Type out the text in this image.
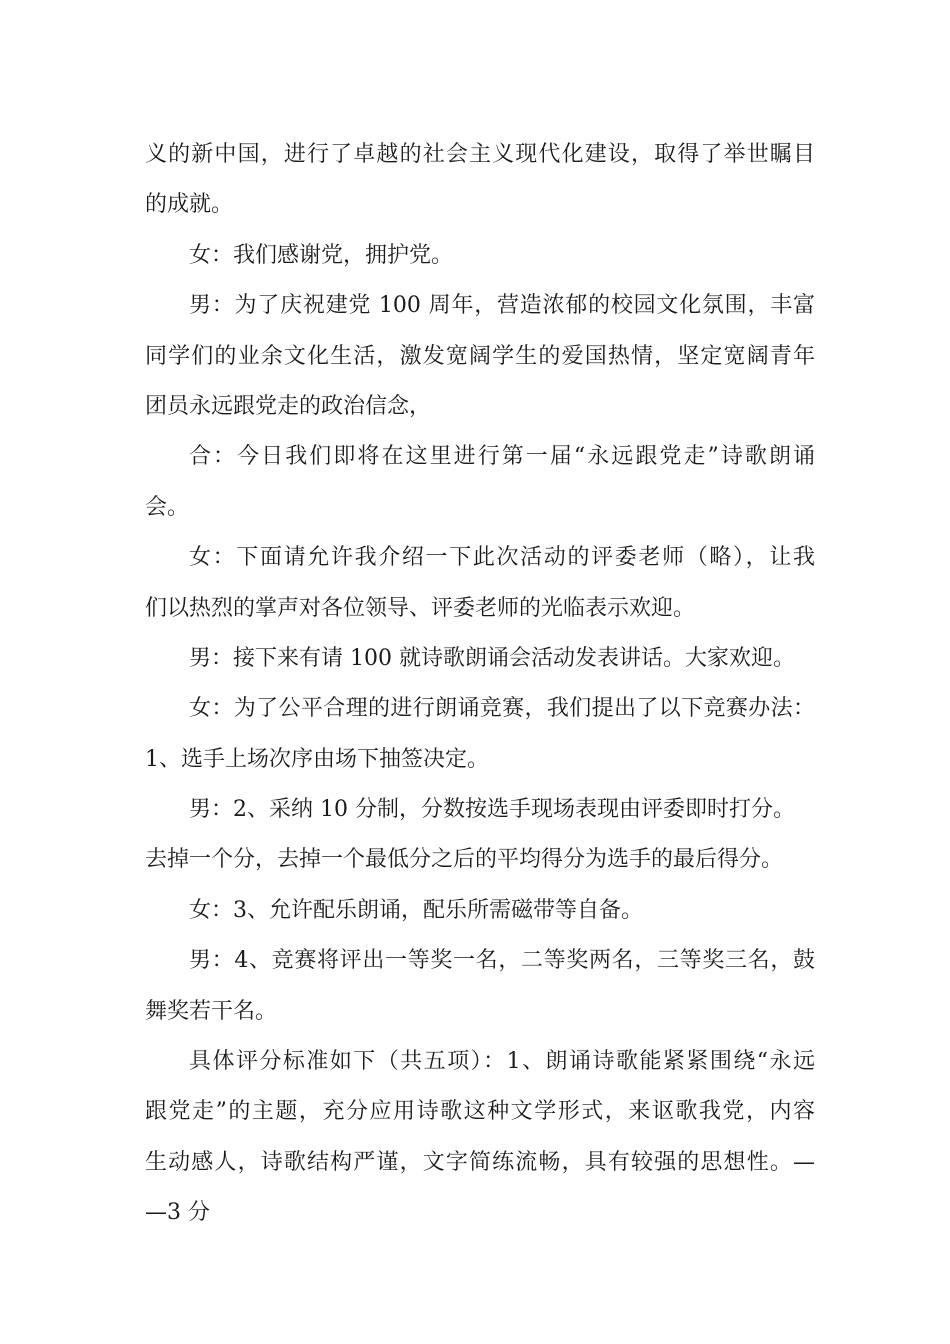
义的新中国，进行了卓越的社会主义现代化建设，取得了举世瞩目
的成就。
女：我们感谢党，拥护党。
男：为了庆祝建党 100 周年，营造浓郁的校园文化氛围，丰富
同学们的业余文化生活，激发宽阔学生的爱国热情，坚定宽阔青年
团员永远跟党走的政治信念，
合：今日我们即将在这里进行第一届“永远跟党走”诗歌朗诵
会。
女：下面请允许我介绍一下此次活动的评委老师（略），让我
们以热烈的掌声对各位领导、评委老师的光临表示欢迎。
男：接下来有请 100 就诗歌朗诵会活动发表讲话。大家欢迎。
女：为了公平合理的进行朗诵竞赛，我们提出了以下竞赛办法：
1、选手上场次序由场下抽签决定。
男：2、采纳 10 分制，分数按选手现场表现由评委即时打分。
去掉一个分，去掉一个最低分之后的平均得分为选手的最后得分。
女：3、允许配乐朗诵，配乐所需磁带等自备。
男：4、竞赛将评出一等奖一名，二等奖两名，三等奖三名，鼓
舞奖若干名。
具体评分标准如下（共五项）：1、朗诵诗歌能紧紧围绕“永远
跟党走”的主题，充分应用诗歌这种文学形式，来讴歌我党，内容
生动感人，诗歌结构严谨，文字简练流畅，具有较强的思想性。—
—3 分
